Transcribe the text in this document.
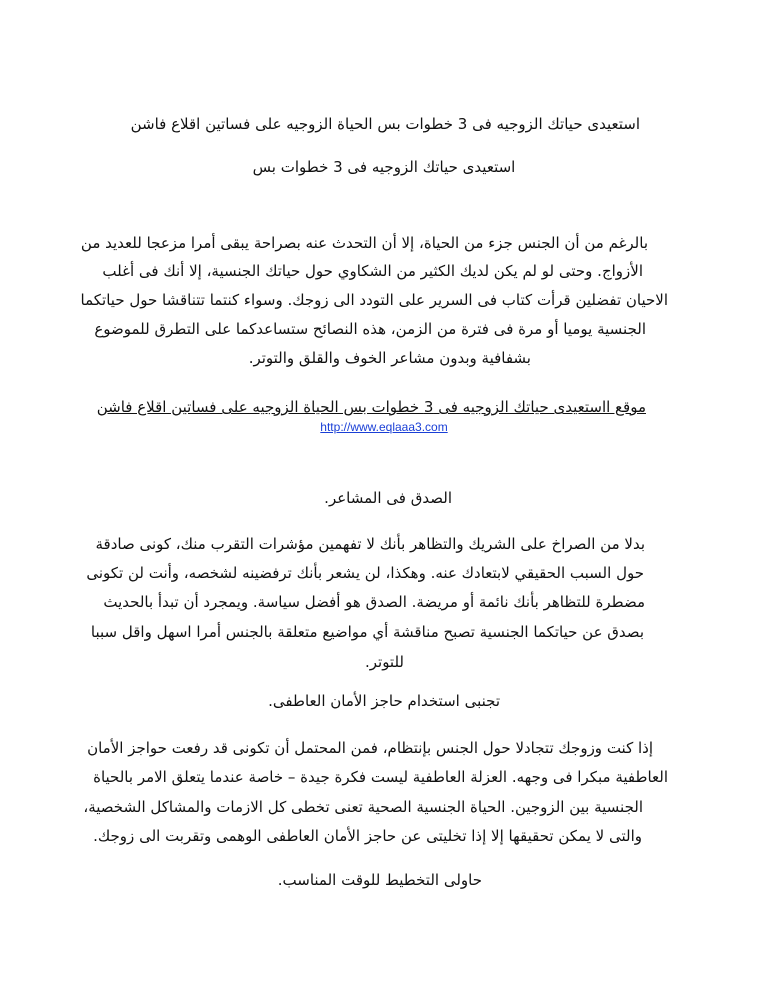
استعيدى حياتك الزوجيه فى 3 خطوات بس الحياة الزوجيه على فساتين اقلاع فاشن
استعيدى حياتك الزوجيه فى 3 خطوات بس
بالرغم من أن الجنس جزء من الحياة، إلا أن التحدث عنه بصراحة يبقى أمرا مزعجا للعديد من
الأزواج. وحتى لو لم يكن لديك الكثير من الشكاوي حول حياتك الجنسية، إلا أنك فى أغلب
الاحيان تفضلين قرأت كتاب فى السرير على التودد الى زوجك. وسواء كنتما تتناقشا حول حياتكما
الجنسية يوميا أو مرة فى فترة من الزمن، هذه النصائح ستساعدكما على التطرق للموضوع
بشفافية وبدون مشاعر الخوف والقلق والتوتر.
موقع ااستعيدى حياتك الزوجيه فى 3 خطوات بس الحياة الزوجيه على فساتين اقلاع فاشن
http://www.eqlaaa3.com
الصدق فى المشاعر.
بدلا من الصراخ على الشريك والتظاهر بأنك لا تفهمين مؤشرات التقرب منك، كونى صادقة
حول السبب الحقيقي لابتعادك عنه. وهكذا، لن يشعر بأنك ترفضينه لشخصه، وأنت لن تكونى
مضطرة للتظاهر بأنك نائمة أو مريضة. الصدق هو أفضل سياسة. ويمجرد أن تبدأ بالحديث
بصدق عن حياتكما الجنسية تصبح مناقشة أي مواضيع متعلقة بالجنس أمرا اسهل واقل سببا
للتوتر.
تجنبى استخدام حاجز الأمان العاطفى.
إذا كنت وزوجك تتجادلا حول الجنس بإنتظام، فمن المحتمل أن تكونى قد رفعت حواجز الأمان
العاطفية مبكرا فى وجهه. العزلة العاطفية ليست فكرة جيدة – خاصة عندما يتعلق الامر بالحياة
الجنسية بين الزوجين. الحياة الجنسية الصحية تعنى تخطى كل الازمات والمشاكل الشخصية،
والتى لا يمكن تحقيقها إلا إذا تخليتى عن حاجز الأمان العاطفى الوهمى وتقربت الى زوجك.
حاولى التخطيط للوقت المناسب.
